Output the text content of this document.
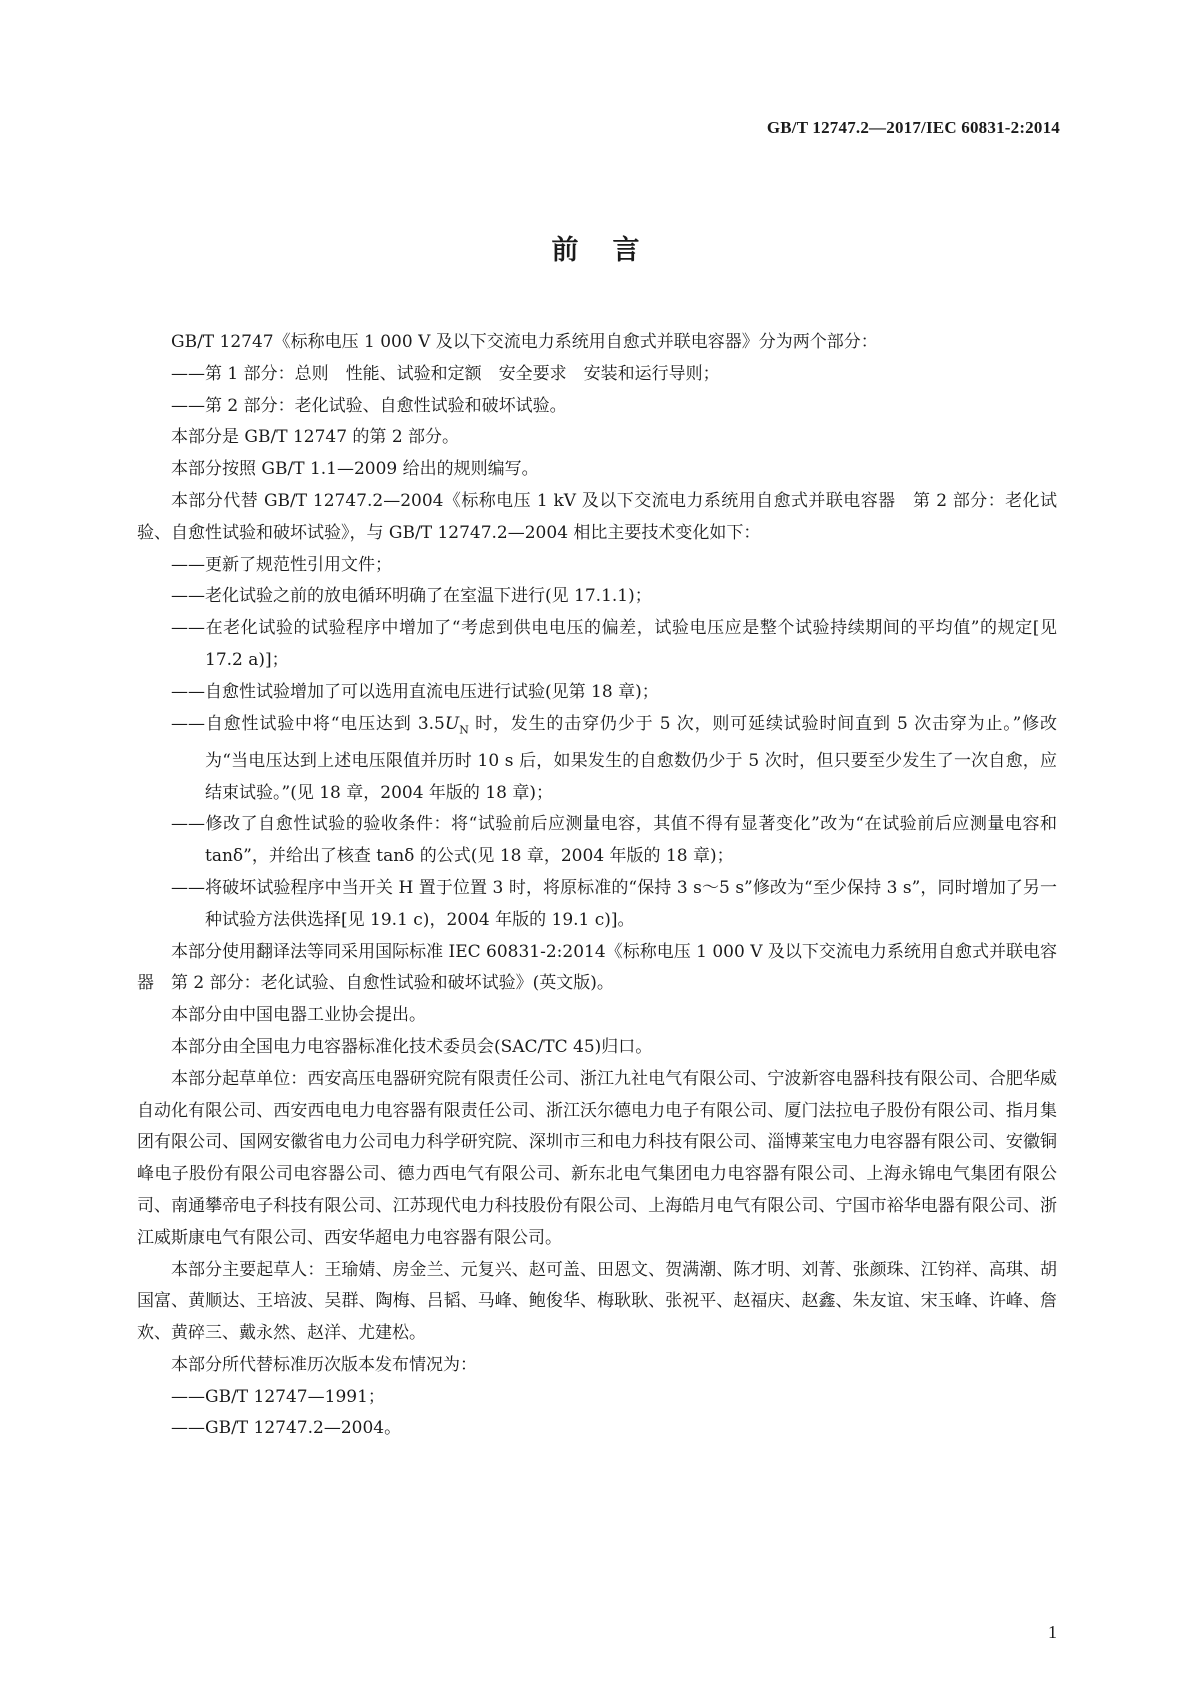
GB/T 12747.2—2017/IEC 60831-2:2014
前言

GB/T 12747《标称电压 1 000 V 及以下交流电力系统用自愈式并联电容器》分为两个部分：

——第 1 部分：总则　性能、试验和定额　安全要求　安装和运行导则；

——第 2 部分：老化试验、自愈性试验和破坏试验。

本部分是 GB/T 12747 的第 2 部分。

本部分按照 GB/T 1.1—2009 给出的规则编写。

本部分代替 GB/T 12747.2—2004《标称电压 1 kV 及以下交流电力系统用自愈式并联电容器　第 2 部分：老化试验、自愈性试验和破坏试验》，与 GB/T 12747.2—2004 相比主要技术变化如下：

——更新了规范性引用文件；

——老化试验之前的放电循环明确了在室温下进行(见 17.1.1)；

——在老化试验的试验程序中增加了“考虑到供电电压的偏差，试验电压应是整个试验持续期间的平均值”的规定[见 17.2 a)]；

——自愈性试验增加了可以选用直流电压进行试验(见第 18 章)；

——自愈性试验中将“电压达到 $3.5U_N$ 时，发生的击穿仍少于 5 次，则可延续试验时间直到 5 次击穿为止。”修改为“当电压达到上述电压限值并历时 10 s 后，如果发生的自愈数仍少于 5 次时，但只要至少发生了一次自愈，应结束试验。”(见 18 章，2004 年版的 18 章)；

——修改了自愈性试验的验收条件：将“试验前后应测量电容，其值不得有显著变化”改为“在试验前后应测量电容和 tanδ”，并给出了核查 tanδ 的公式(见 18 章，2004 年版的 18 章)；

——将破坏试验程序中当开关 H 置于位置 3 时，将原标准的“保持 3 s～5 s”修改为“至少保持 3 s”，同时增加了另一种试验方法供选择[见 19.1 c)，2004 年版的 19.1 c)]。

本部分使用翻译法等同采用国际标准 IEC 60831-2:2014《标称电压 1 000 V 及以下交流电力系统用自愈式并联电容器　第 2 部分：老化试验、自愈性试验和破坏试验》(英文版)。

本部分由中国电器工业协会提出。

本部分由全国电力电容器标准化技术委员会(SAC/TC 45)归口。

本部分起草单位：西安高压电器研究院有限责任公司、浙江九社电气有限公司、宁波新容电器科技有限公司、合肥华威自动化有限公司、西安西电电力电容器有限责任公司、浙江沃尔德电力电子有限公司、厦门法拉电子股份有限公司、指月集团有限公司、国网安徽省电力公司电力科学研究院、深圳市三和电力科技有限公司、淄博莱宝电力电容器有限公司、安徽铜峰电子股份有限公司电容器公司、德力西电气有限公司、新东北电气集团电力电容器有限公司、上海永锦电气集团有限公司、南通攀帝电子科技有限公司、江苏现代电力科技股份有限公司、上海皓月电气有限公司、宁国市裕华电器有限公司、浙江威斯康电气有限公司、西安华超电力电容器有限公司。

本部分主要起草人：王瑜婧、房金兰、元复兴、赵可盖、田恩文、贺满潮、陈才明、刘菁、张颜珠、江钧祥、高琪、胡国富、黄顺达、王培波、吴群、陶梅、吕韬、马峰、鲍俊华、梅耿耿、张祝平、赵福庆、赵鑫、朱友谊、宋玉峰、许峰、詹欢、黄碎三、戴永然、赵洋、尤建松。

本部分所代替标准历次版本发布情况为：

——GB/T 12747—1991；

——GB/T 12747.2—2004。

1
